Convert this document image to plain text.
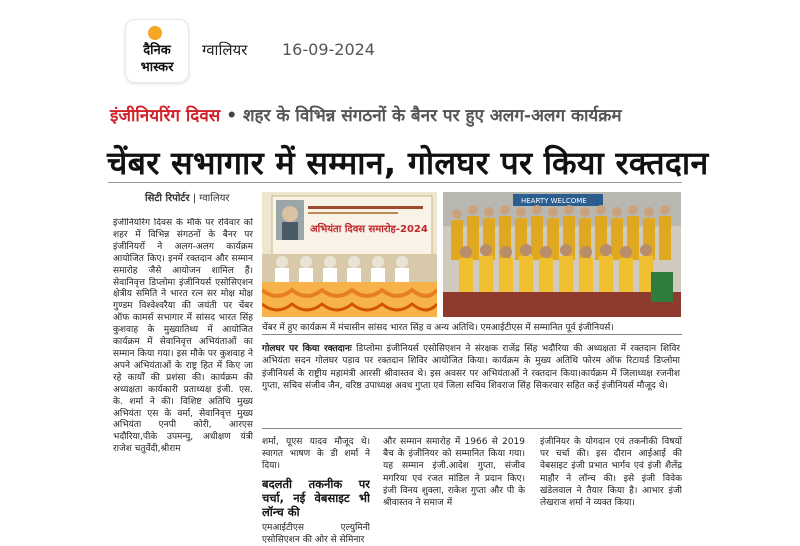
दैनिक
भास्कर
ग्वालियर 16-09-2024
इंजीनियरिंग दिवस • शहर के विभिन्न संगठनों के बैनर पर हुए अलग-अलग कार्यक्रम
चेंबर सभागार में सम्मान, गोलघर पर किया रक्तदान
सिटी रिपोर्टर | ग्वालियर

इंजीनियरिंग दिवस के मौके पर रविवार को शहर में विभिन्न संगठनों के बैनर पर इंजीनियरों ने अलग-अलग कार्यक्रम आयोजित किए। इनमें रक्तदान और सम्मान समारोह जैसे आयोजन शामिल हैं। सेवानिवृत्त डिप्लोमा इंजीनियर्स एसोसिएशन क्षेत्रीय समिति ने भारत रत्न सर मोक्ष मोक्ष गुण्डम विश्वेश्वरैया की जयंती पर चेंबर ऑफ कामर्स सभागार में सांसद भारत सिंह कुशवाह के मुख्यातिथ्य में आयोजित कार्यक्रम में सेवानिवृत्त अभियंताओं का सम्मान किया गया। इस मौके पर कुशवाह ने अपने अभियंताओं के राष्ट्र हित में किए जा रहे कार्यों की प्रशंसा की। कार्यक्रम की अध्यक्षता कार्यकारी प्रताध्यक्ष इंजी. एस. के. शर्मा ने की। विशिष्ट अतिथि मुख्य अभियंता एस के वर्मा, सेवानिवृत्त मुख्य अभियंता एनपी कोरी, आरएस भदौरिया,पीके उपमन्यु, अधीक्षण यंत्री राजेश चतुर्वेदी,श्रीराम

अभियंता दिवस समारोह-2024
HEARTY WELCOME
चेंबर में हुए कार्यक्रम में मंचासीन सांसद भारत सिंह व अन्य अतिथि। एमआईटीएस में सम्मानित पूर्व इंजीनियर्स।
गोलघर पर किया रक्तदानः डिप्लोमा इंजीनियर्स एसोसिएशन ने संरक्षक राजेंद्र सिंह भदौरिया की अध्यक्षता में रक्तदान शिविर अभियंता सदन गोलघर पड़ाव पर रक्तदान शिविर आयोजित किया। कार्यक्रम के मुख्य अतिथि फोरम ऑफ रिटायर्ड डिप्लोमा इंजीनियर्स के राष्ट्रीय महामंत्री आरसी श्रीवास्तव थे। इस अवसर पर अभियंताओं ने रक्तदान किया।कार्यक्रम में जिलाध्यक्ष रजनीश गुप्ता, सचिव संजीव जैन, वरिष्ठ उपाध्यक्ष अवध गुप्ता एवं जिला सचिव शिवराज सिंह सिकरवार सहित कई इंजीनियर्स मौजूद थे।
शर्मा, यूएस यादव मौजूद थे। स्वागत भाषण के डी शर्मा ने दिया।
बदलती तकनीक पर चर्चा, नई वेबसाइट भी लॉन्च की
एमआईटीएस एल्युमिनी एसोसिएशन की ओर से सेमिनार
और सम्मान समारोह में 1966 से 2019 बैच के इंजीनियर को सम्मानित किया गया। यह सम्मान इंजी.आदेश गुप्ता, संजीव मगरिया एवं रजत मांडिल ने प्रदान किए। इंजी विनय शुक्ला, राकेश गुप्ता और पी के श्रीवास्तव ने समाज में
इंजीनियर के योगदान एवं तकनीकी विषयों पर चर्चा की। इस दौरान आईआई की वेबसाइट इंजी प्रभात भार्गव एवं इंजी शैलेंद्र माहौर ने लॉन्च की। इसे इंजी विवेक खंडेलवाल ने तैयार किया है। आभार इंजी लेखराज शर्मा ने व्यक्त किया।
